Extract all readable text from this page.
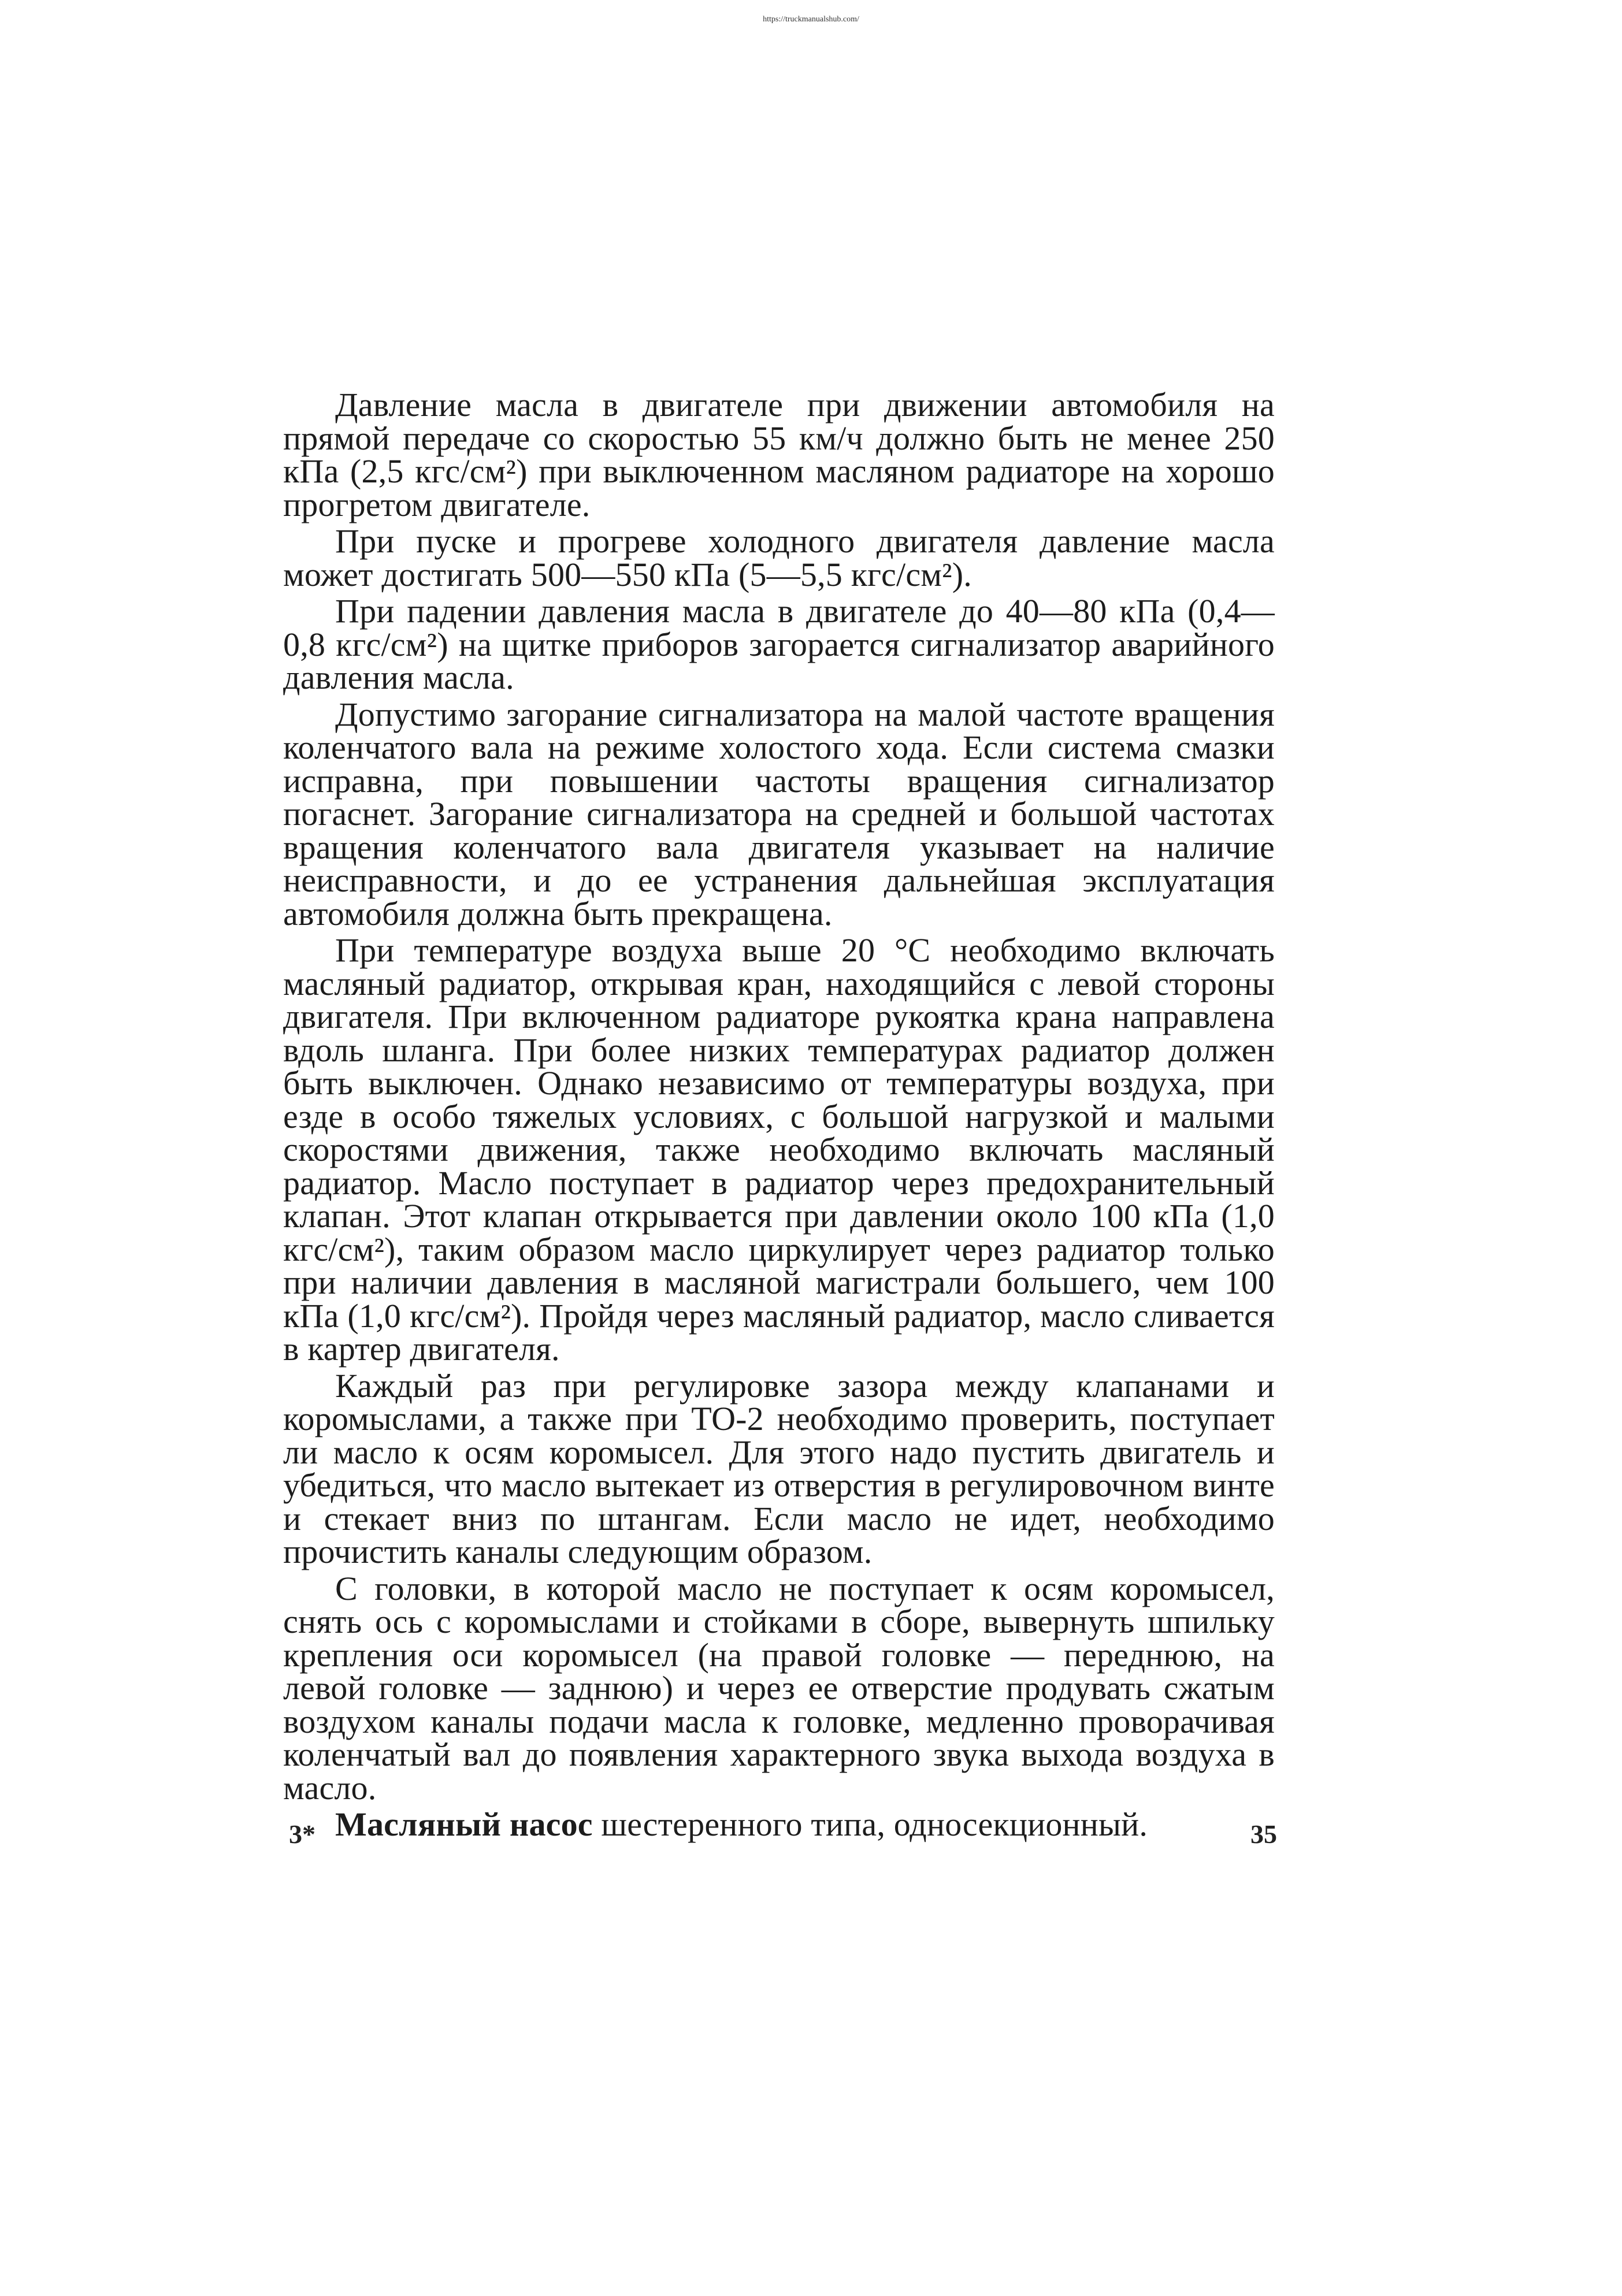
https://truckmanualshub.com/

Давление масла в двигателе при движении автомобиля на прямой передаче со скоростью 55 км/ч должно быть не менее 250 кПа (2,5 кгс/см²) при выключенном масляном радиаторе на хорошо прогретом двигателе.

При пуске и прогреве холодного двигателя давление масла может достигать 500—550 кПа (5—5,5 кгс/см²).

При падении давления масла в двигателе до 40—80 кПа (0,4—0,8 кгс/см²) на щитке приборов загорается сигнализатор аварийного давления масла.

Допустимо загорание сигнализатора на малой частоте вращения коленчатого вала на режиме холостого хода. Если система смазки исправна, при повышении частоты вращения сигнализатор погаснет. Загорание сигнализатора на средней и большой частотах вращения коленчатого вала двигателя указывает на наличие неисправности, и до ее устранения дальнейшая эксплуатация автомобиля должна быть прекращена.

При температуре воздуха выше 20 °С необходимо включать масляный радиатор, открывая кран, находящийся с левой стороны двигателя. При включенном радиаторе рукоятка крана направлена вдоль шланга. При более низких температурах радиатор должен быть выключен. Однако независимо от температуры воздуха, при езде в особо тяжелых условиях, с большой нагрузкой и малыми скоростями движения, также необходимо включать масляный радиатор. Масло поступает в радиатор через предохранительный клапан. Этот клапан открывается при давлении около 100 кПа (1,0 кгс/см²), таким образом масло циркулирует через радиатор только при наличии давления в масляной магистрали большего, чем 100 кПа (1,0 кгс/см²). Пройдя через масляный радиатор, масло сливается в картер двигателя.

Каждый раз при регулировке зазора между клапанами и коромыслами, а также при ТО-2 необходимо проверить, поступает ли масло к осям коромысел. Для этого надо пустить двигатель и убедиться, что масло вытекает из отверстия в регулировочном винте и стекает вниз по штангам. Если масло не идет, необходимо прочистить каналы следующим образом.

С головки, в которой масло не поступает к осям коромысел, снять ось с коромыслами и стойками в сборе, вывернуть шпильку крепления оси коромысел (на правой головке — переднюю, на левой головке — заднюю) и через ее отверстие продувать сжатым воздухом каналы подачи масла к головке, медленно проворачивая коленчатый вал до появления характерного звука выхода воздуха в масло.

Масляный насос шестеренного типа, односекционный.

3*	35
